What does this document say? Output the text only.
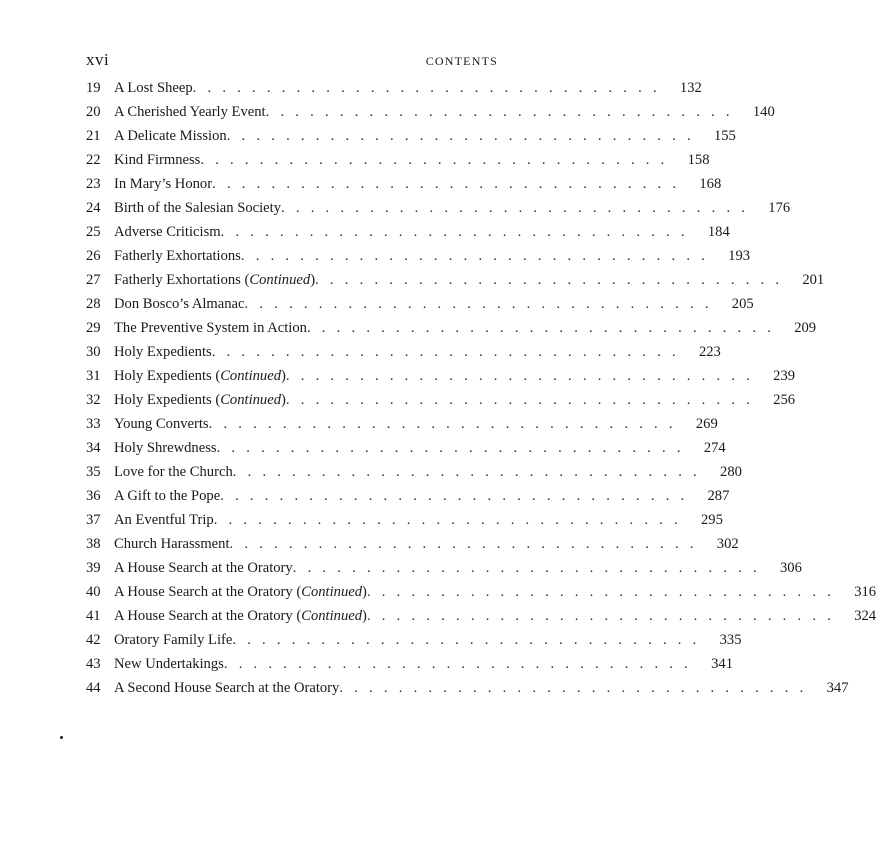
xvi	CONTENTS
19 A Lost Sheep ................................ 132
20 A Cherished Yearly Event ................................ 140
21 A Delicate Mission ................................ 155
22 Kind Firmness ................................ 158
23 In Mary’s Honor ................................ 168
24 Birth of the Salesian Society ................................ 176
25 Adverse Criticism ................................ 184
26 Fatherly Exhortations ................................ 193
27 Fatherly Exhortations (Continued) ................................ 201
28 Don Bosco’s Almanac ................................ 205
29 The Preventive System in Action ................................ 209
30 Holy Expedients ................................ 223
31 Holy Expedients (Continued) ................................ 239
32 Holy Expedients (Continued) ................................ 256
33 Young Converts ................................ 269
34 Holy Shrewdness ................................ 274
35 Love for the Church ................................ 280
36 A Gift to the Pope ................................ 287
37 An Eventful Trip ................................ 295
38 Church Harassment ................................ 302
39 A House Search at the Oratory ................................ 306
40 A House Search at the Oratory (Continued) ................................ 316
41 A House Search at the Oratory (Continued) ................................ 324
42 Oratory Family Life ................................ 335
43 New Undertakings ................................ 341
44 A Second House Search at the Oratory ................................ 347
